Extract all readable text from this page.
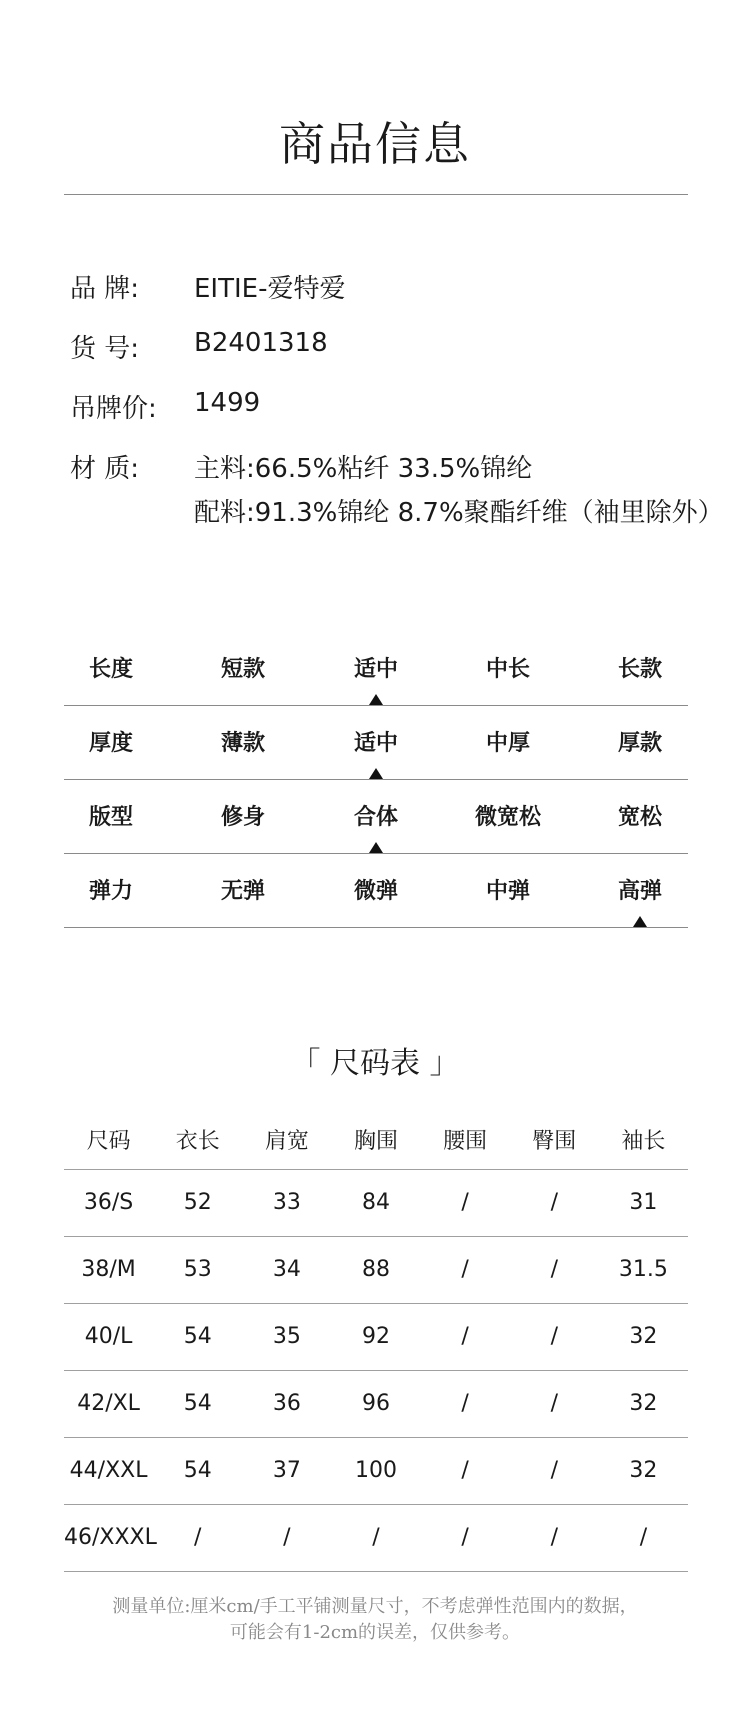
商品信息
品 牌: EITIE-爱特爱
货 号: B2401318
吊牌价: 1499
材 质: 主料:66.5%粘纤 33.5%锦纶
配料:91.3%锦纶 8.7%聚酯纤维（袖里除外）
长度	短款	适中	中长	长款
厚度	薄款	适中	中厚	厚款
版型	修身	合体	微宽松	宽松
弹力	无弹	微弹	中弹	高弹
「 尺码表 」
尺码	衣长	肩宽	胸围	腰围	臀围	袖长
36/S	52	33	84	/	/	31
38/M	53	34	88	/	/	31.5
40/L	54	35	92	/	/	32
42/XL	54	36	96	/	/	32
44/XXL	54	37	100	/	/	32
46/XXXL	/	/	/	/	/	/
测量单位:厘米cm/手工平铺测量尺寸，不考虑弹性范围内的数据，
可能会有1-2cm的误差，仅供参考。
